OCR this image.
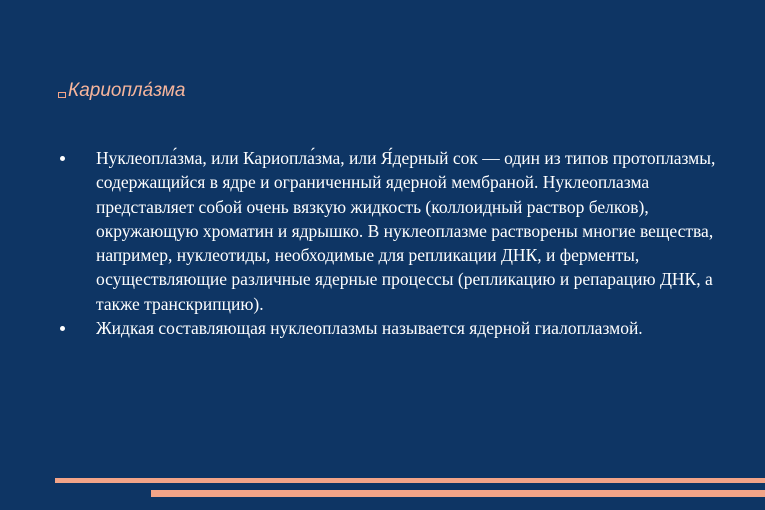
Кариопла́зма
Нуклеопла́зма, или Кариопла́зма, или Я́дерный сок — один из типов протоплазмы, содержащийся в ядре и ограниченный ядерной мембраной. Нуклеоплазма представляет собой очень вязкую жидкость (коллоидный раствор белков), окружающую хроматин и ядрышко. В нуклеоплазме растворены многие вещества, например, нуклеотиды, необходимые для репликации ДНК, и ферменты, осуществляющие различные ядерные процессы (репликацию и репарацию ДНК, а также транскрипцию).
Жидкая составляющая нуклеоплазмы называется ядерной гиалоплазмой.
